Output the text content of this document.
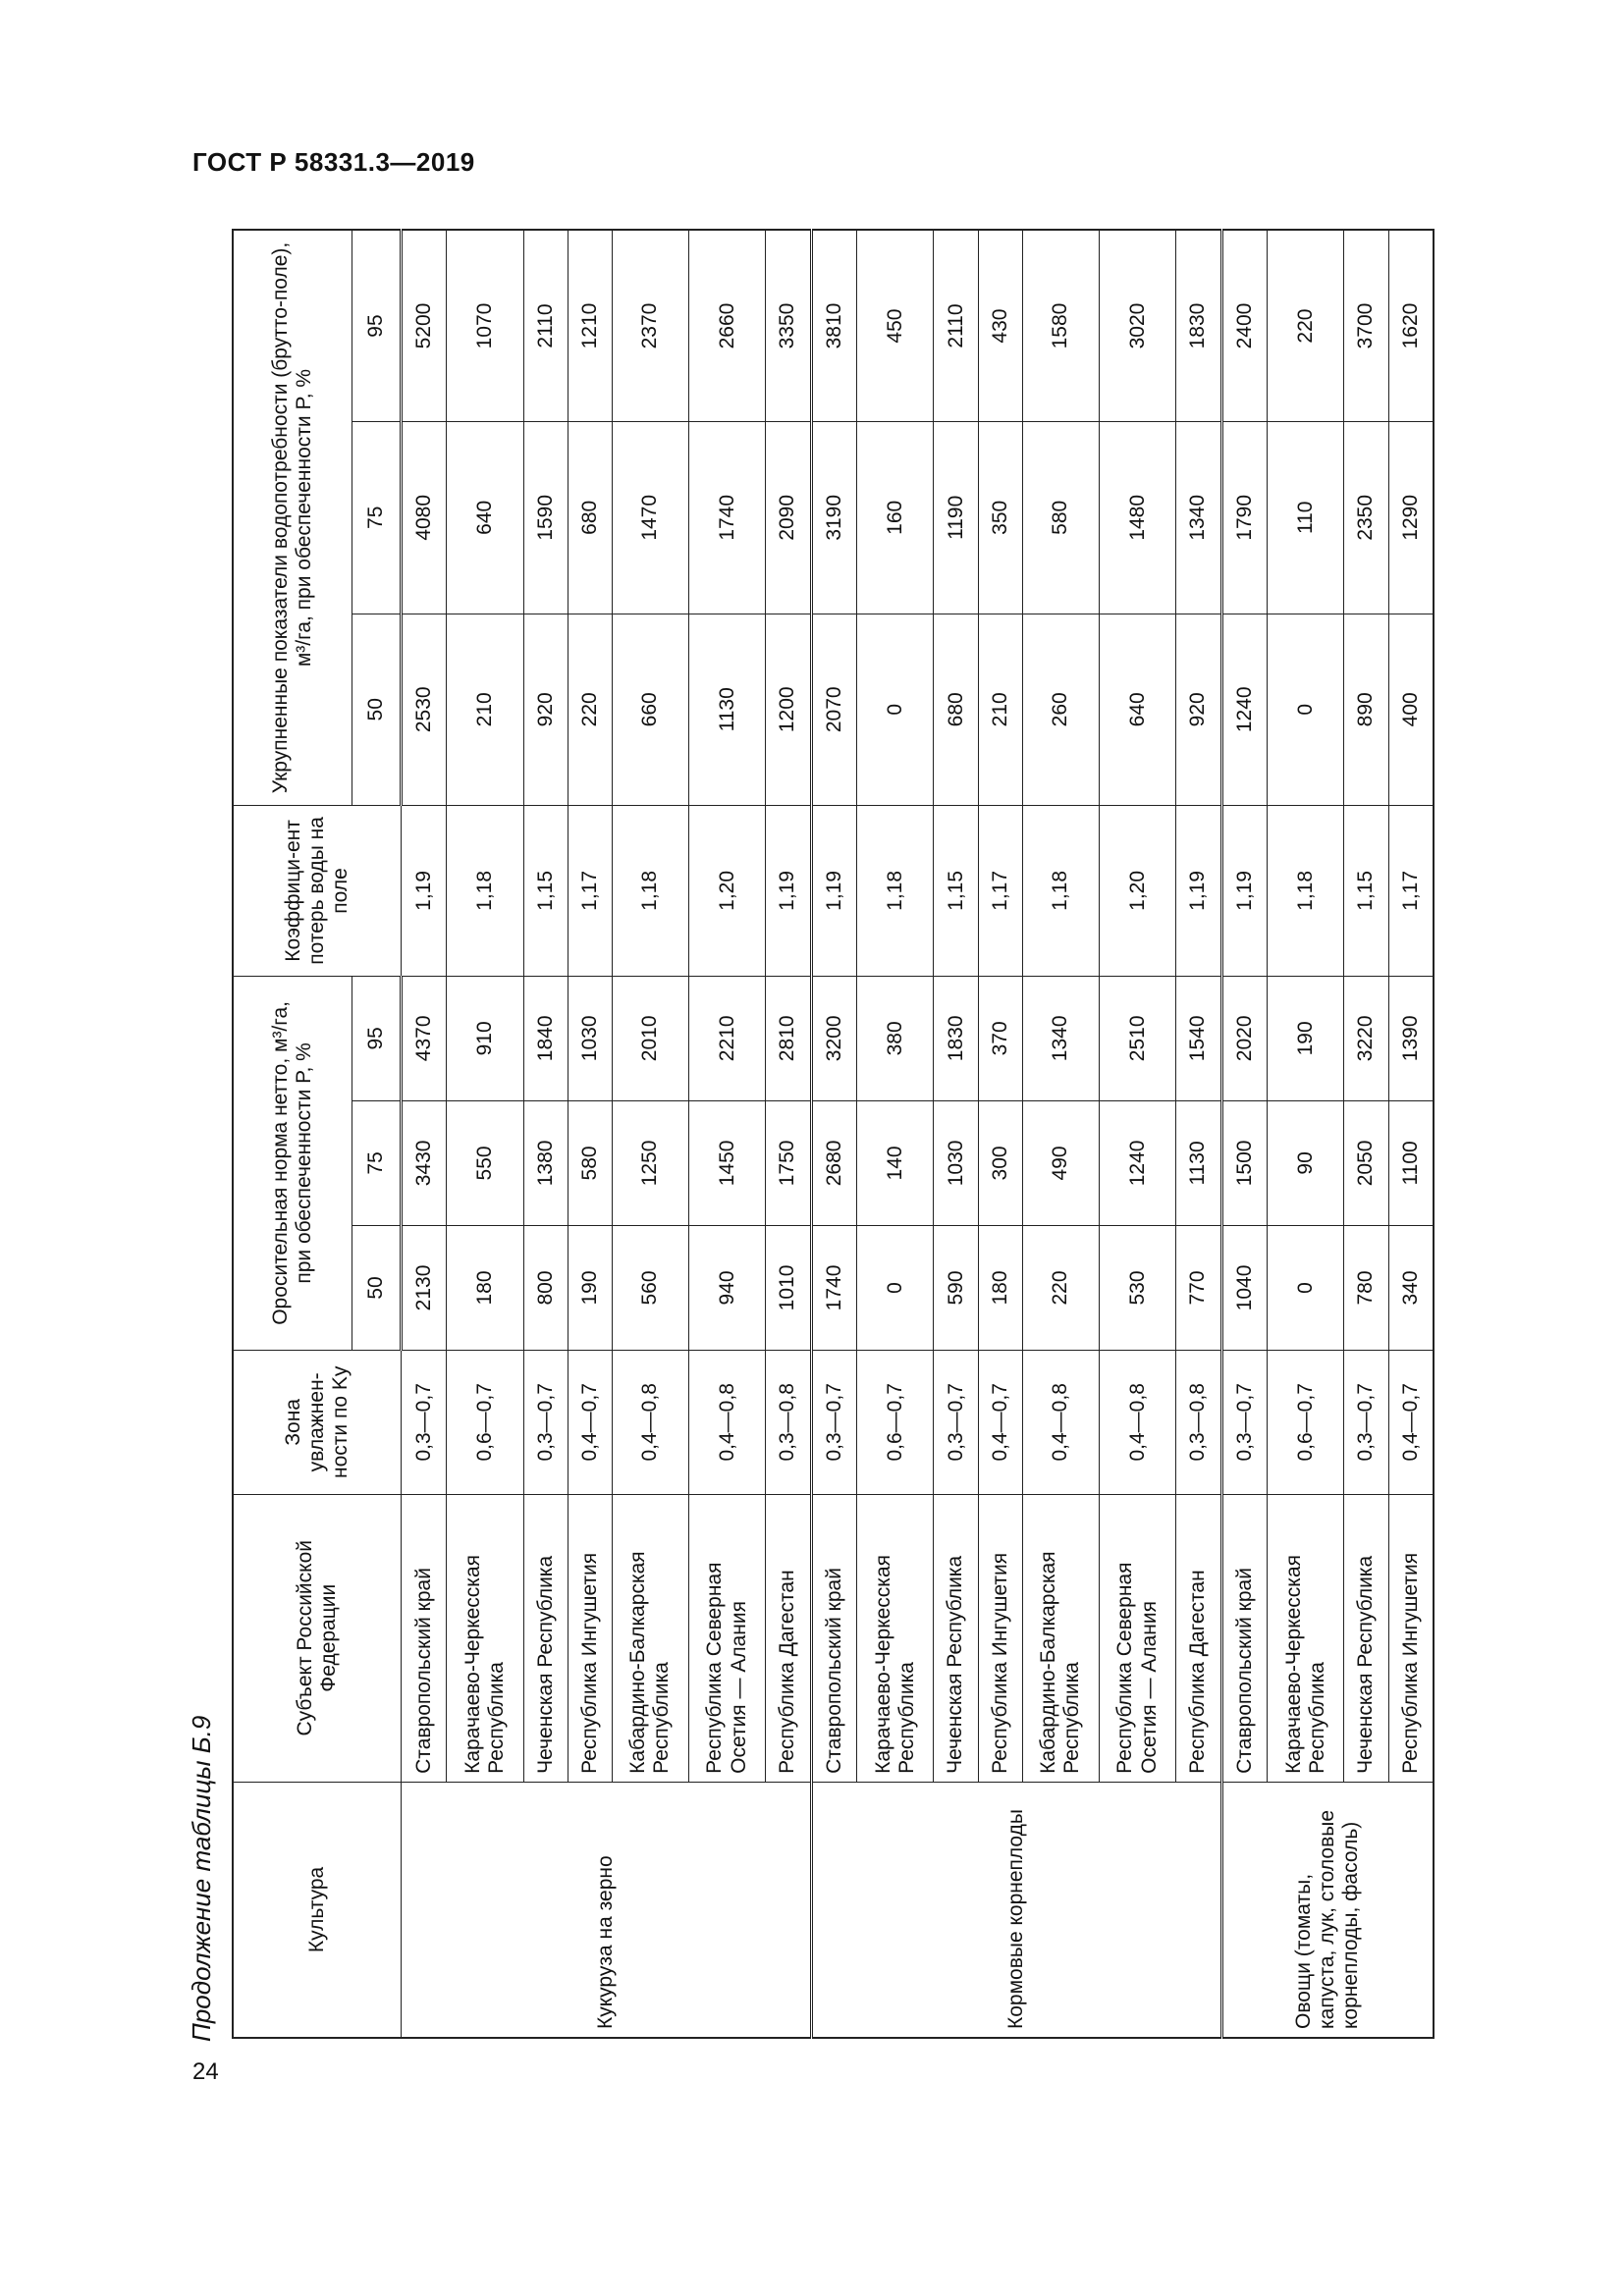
ГОСТ Р 58331.3—2019
24
Продолжение таблицы Б.9	Культура	Субъект Российской Федерации	Зона увлажнен-ности по Kу	Оросительная норма нетто, м³/га, при обеспеченности P, %			Коэффици-ент потерь воды на поле	Укрупненные показатели водопотребности (брутто-поле), м³/га, при обеспеченности P, %		
			50	75	95		50	75	95
Кукуруза на зерно	Ставропольский край	0,3—0,7	2130	3430	4370	1,19	2530	4080	5200
	Карачаево-Черкесская Республика	0,6—0,7	180	550	910	1,18	210	640	1070
	Чеченская Республика	0,3—0,7	800	1380	1840	1,15	920	1590	2110
	Республика Ингушетия	0,4—0,7	190	580	1030	1,17	220	680	1210
	Кабардино-Балкарская Республика	0,4—0,8	560	1250	2010	1,18	660	1470	2370
	Республика Северная Осетия — Алания	0,4—0,8	940	1450	2210	1,20	1130	1740	2660
	Республика Дагестан	0,3—0,8	1010	1750	2810	1,19	1200	2090	3350
Кормовые корнеплоды	Ставропольский край	0,3—0,7	1740	2680	3200	1,19	2070	3190	3810
	Карачаево-Черкесская Республика	0,6—0,7	0	140	380	1,18	0	160	450
	Чеченская Республика	0,3—0,7	590	1030	1830	1,15	680	1190	2110
	Республика Ингушетия	0,4—0,7	180	300	370	1,17	210	350	430
	Кабардино-Балкарская Республика	0,4—0,8	220	490	1340	1,18	260	580	1580
	Республика Северная Осетия — Алания	0,4—0,8	530	1240	2510	1,20	640	1480	3020
	Республика Дагестан	0,3—0,8	770	1130	1540	1,19	920	1340	1830
Овощи (томаты, капуста, лук, столовые корнеплоды, фасоль)	Ставропольский край	0,3—0,7	1040	1500	2020	1,19	1240	1790	2400
	Карачаево-Черкесская Республика	0,6—0,7	0	90	190	1,18	0	110	220
	Чеченская Республика	0,3—0,7	780	2050	3220	1,15	890	2350	3700
	Республика Ингушетия	0,4—0,7	340	1100	1390	1,17	400	1290	1620
